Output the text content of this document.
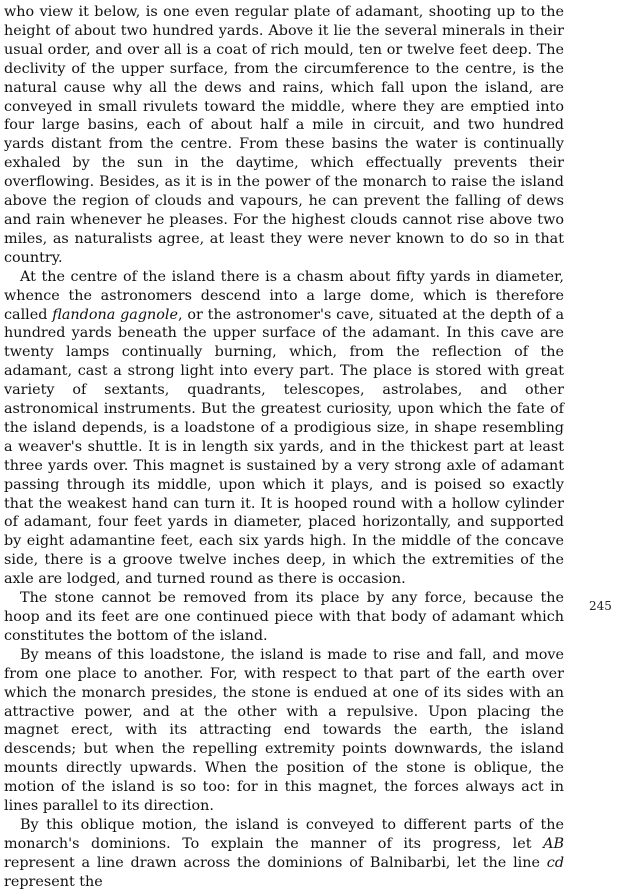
who view it below, is one even regular plate of adamant, shooting up to the height of about two hundred yards. Above it lie the several minerals in their usual order, and over all is a coat of rich mould, ten or twelve feet deep. The declivity of the upper surface, from the circumference to the centre, is the natural cause why all the dews and rains, which fall upon the island, are conveyed in small rivulets toward the middle, where they are emptied into four large basins, each of about half a mile in circuit, and two hundred yards distant from the centre. From these basins the water is continually exhaled by the sun in the daytime, which effectually prevents their overflowing. Besides, as it is in the power of the monarch to raise the island above the region of clouds and vapours, he can prevent the falling of dews and rain whenever he pleases. For the highest clouds cannot rise above two miles, as naturalists agree, at least they were never known to do so in that country.

At the centre of the island there is a chasm about fifty yards in diameter, whence the astronomers descend into a large dome, which is therefore called flandona gagnole, or the astronomer's cave, situated at the depth of a hundred yards beneath the upper surface of the adamant. In this cave are twenty lamps continually burning, which, from the reflection of the adamant, cast a strong light into every part. The place is stored with great variety of sextants, quadrants, telescopes, astrolabes, and other astronomical instruments. But the greatest curiosity, upon which the fate of the island depends, is a loadstone of a prodigious size, in shape resembling a weaver's shuttle. It is in length six yards, and in the thickest part at least three yards over. This magnet is sustained by a very strong axle of adamant passing through its middle, upon which it plays, and is poised so exactly that the weakest hand can turn it. It is hooped round with a hollow cylinder of adamant, four feet yards in diameter, placed horizontally, and supported by eight adamantine feet, each six yards high. In the middle of the concave side, there is a groove twelve inches deep, in which the extremities of the axle are lodged, and turned round as there is occasion.

The stone cannot be removed from its place by any force, because the hoop and its feet are one continued piece with that body of adamant which constitutes the bottom of the island.

By means of this loadstone, the island is made to rise and fall, and move from one place to another. For, with respect to that part of the earth over which the monarch presides, the stone is endued at one of its sides with an attractive power, and at the other with a repulsive. Upon placing the magnet erect, with its attracting end towards the earth, the island descends; but when the repelling extremity points downwards, the island mounts directly upwards. When the position of the stone is oblique, the motion of the island is so too: for in this magnet, the forces always act in lines parallel to its direction.

By this oblique motion, the island is conveyed to different parts of the monarch's dominions. To explain the manner of its progress, let AB represent a line drawn across the dominions of Balnibarbi, let the line cd represent the

245
